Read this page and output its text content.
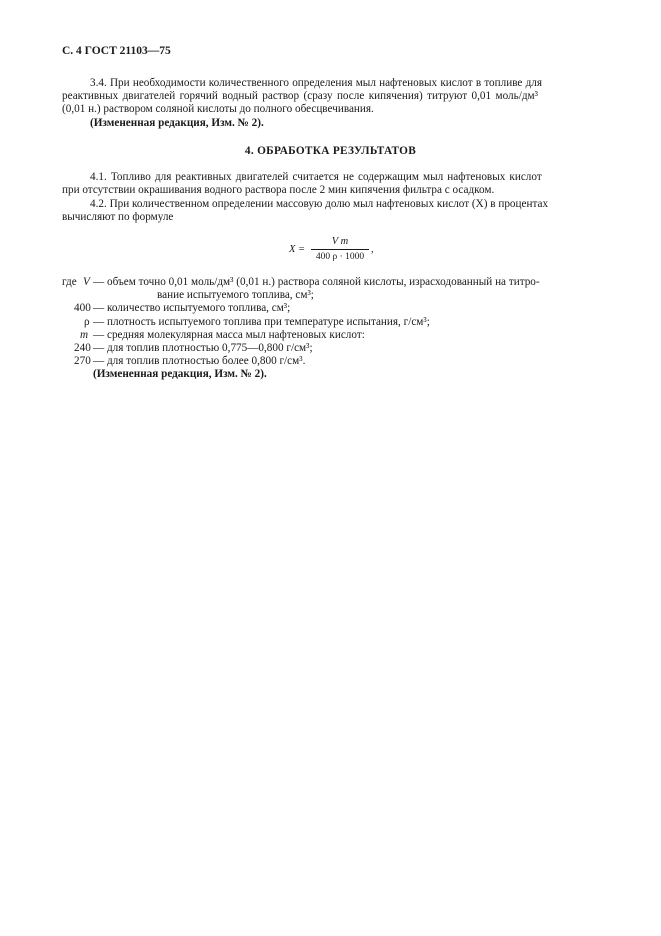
С. 4 ГОСТ 21103—75

3.4. При необходимости количественного определения мыл нафтеновых кислот в топливе для

реактивных двигателей горячий водный раствор (сразу после кипячения) титруют 0,01 моль/дм³

(0,01 н.) раствором соляной кислоты до полного обесцвечивания.

(Измененная редакция, Изм. № 2).

4. ОБРАБОТКА РЕЗУЛЬТАТОВ

4.1. Топливо для реактивных двигателей считается не содержащим мыл нафтеновых кислот

при отсутствии окрашивания водного раствора после 2 мин кипячения фильтра с осадком.

4.2. При количественном определении массовую долю мыл нафтеновых кислот (X) в процентах

вычисляют по формуле

X =
V m
400 ρ · 1000
,
где V — объем точно 0,01 моль/дм³ (0,01 н.) раствора соляной кислоты, израсходованный на титро-
вание испытуемого топлива, см³;
400 — количество испытуемого топлива, см³;
ρ — плотность испытуемого топлива при температуре испытания, г/см³;
m — средняя молекулярная масса мыл нафтеновых кислот:
240 — для топлив плотностью 0,775—0,800 г/см³;
270 — для топлив плотностью более 0,800 г/см³.
(Измененная редакция, Изм. № 2).
